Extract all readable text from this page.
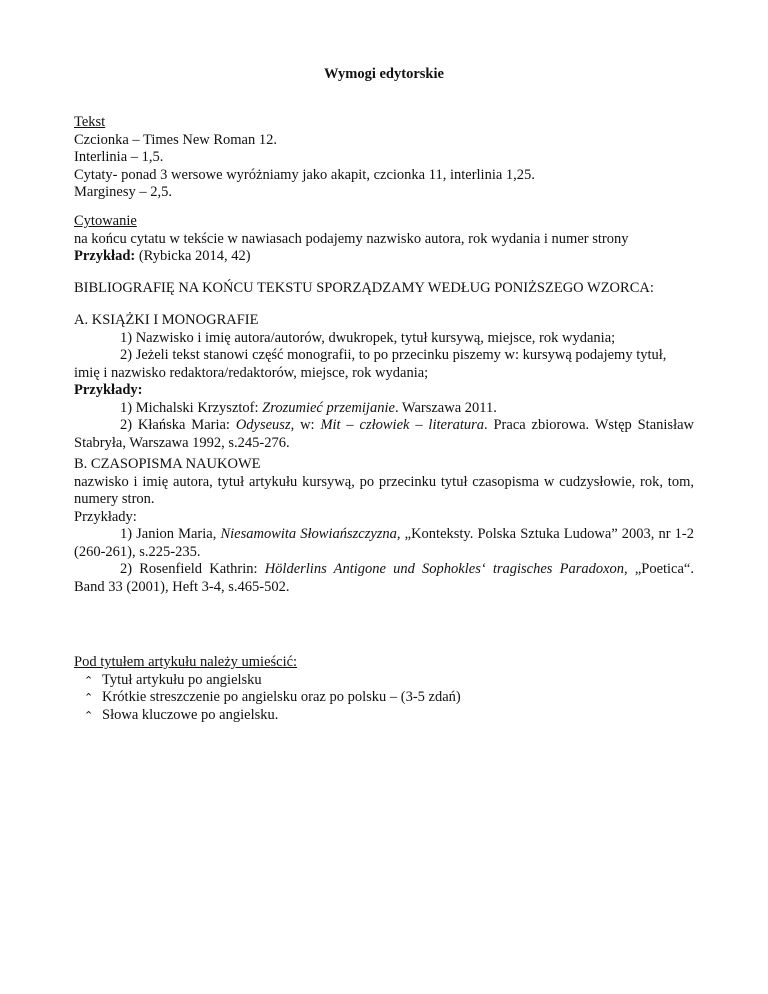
Wymogi edytorskie

Tekst

Czcionka – Times New Roman 12.

Interlinia – 1,5.

Cytaty- ponad 3 wersowe wyróżniamy jako akapit, czcionka 11, interlinia 1,25.

Marginesy – 2,5.

Cytowanie

na końcu cytatu w tekście w nawiasach podajemy nazwisko autora, rok wydania i numer strony

Przykład: (Rybicka 2014, 42)

BIBLIOGRAFIĘ NA KOŃCU TEKSTU SPORZĄDZAMY WEDŁUG PONIŻSZEGO WZORCA:

A. KSIĄŻKI I MONOGRAFIE

1) Nazwisko i imię autora/autorów, dwukropek, tytuł kursywą, miejsce, rok wydania;

2) Jeżeli tekst stanowi część monografii, to po przecinku piszemy w: kursywą podajemy tytuł, imię i nazwisko redaktora/redaktorów, miejsce, rok wydania;

Przykłady:

1) Michalski Krzysztof: Zrozumieć przemijanie. Warszawa 2011.

2) Kłańska Maria: Odyseusz, w: Mit – człowiek – literatura. Praca zbiorowa. Wstęp Stanisław Stabryła, Warszawa 1992, s.245-276.

B. CZASOPISMA NAUKOWE

nazwisko i imię autora, tytuł artykułu kursywą, po przecinku tytuł czasopisma w cudzysłowie, rok, tom, numery stron.

Przykłady:

1) Janion Maria, Niesamowita Słowiańszczyzna, „Konteksty. Polska Sztuka Ludowa” 2003, nr 1-2 (260-261), s.225-235.

2) Rosenfield Kathrin: Hölderlins Antigone und Sophokles‘ tragisches Paradoxon, „Poetica“. Band 33 (2001), Heft 3-4, s.465-502.

Pod tytułem artykułu należy umieścić:

⌃ Tytuł artykułu po angielsku
⌃ Krótkie streszczenie po angielsku oraz po polsku – (3-5 zdań)
⌃ Słowa kluczowe po angielsku.
